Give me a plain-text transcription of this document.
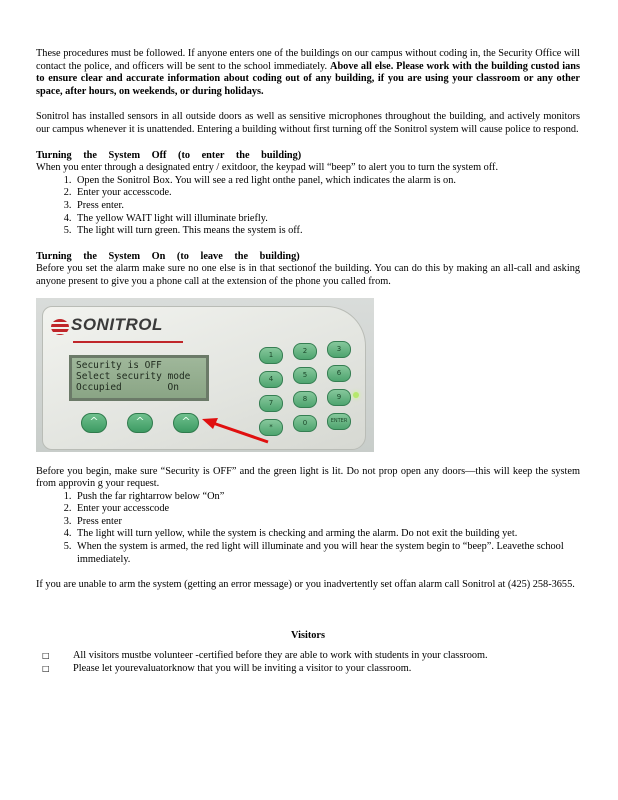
These procedures must be followed. If anyone enters one of the buildings on our campus without coding in, the Security Office will contact the police, and officers will be sent to the school immediately. Above all else. Please work with the building custod ians to ensure clear and accurate information about coding out of any building, if you are using your classroom or any other space, after hours, on weekends, or during holidays.

Sonitrol has installed sensors in all outside doors as well as sensitive microphones throughout the building, and actively monitors our campus whenever it is unattended. Entering a building without first turning off the Sonitrol system will cause police to respond.

Turning the System Off (to enter the building)

When you enter through a designated entry / exitdoor, the keypad will “beep” to alert you to turn the system off.

1. Open the Sonitrol Box. You will see a red light onthe panel, which indicates the alarm is on.
2. Enter your accesscode.
3. Press enter.
4. The yellow WAIT light will illuminate briefly.
5. The light will turn green. This means the system is off.
Turning the System On (to leave the building)

Before you set the alarm make sure no one else is in that sectionof the building. You can do this by making an all-call and asking anyone present to give you a phone call at the extension of the phone you called from.

SONITROL
Security is OFF
Select security mode
Occupied        On
^	^	^
1	2	3
4	5	6
7	8	9
*	0	ENTER

Before you begin, make sure “Security is OFF” and the green light is lit. Do not prop open any doors—this will keep the system from approvin g your request.

1. Push the far rightarrow below “On”
2. Enter your accesscode
3. Press enter
4. The light will turn yellow, while the system is checking and arming the alarm. Do not exit the building yet.
5. When the system is armed, the red light will illuminate and you will hear the system begin to “beep”. Leavethe school immediately.

If you are unable to arm the system (getting an error message) or you inadvertently set offan alarm call Sonitrol at (425) 258-3655.

Visitors
□ All visitors mustbe volunteer -certified before they are able to work with students in your classroom.
□ Please let yourevaluatorknow that you will be inviting a visitor to your classroom.
